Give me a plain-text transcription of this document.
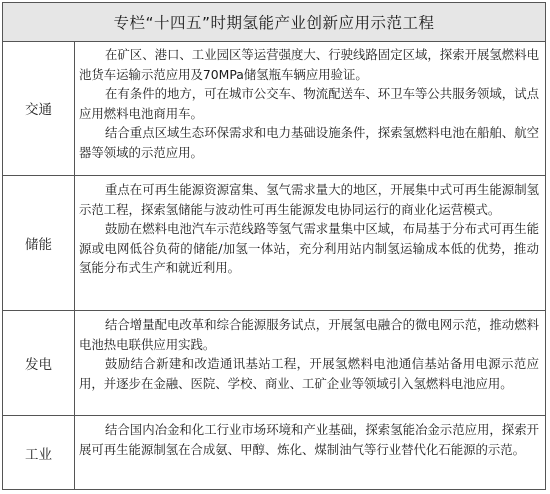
专栏“十四五”时期氢能产业创新应用示范工程
交通

在矿区、港口、工业园区等运营强度大、行驶线路固定区域，探索开展氢燃料电池货车运输示范应用及70MPa储氢瓶车辆应用验证。

在有条件的地方，可在城市公交车、物流配送车、环卫车等公共服务领域，试点应用燃料电池商用车。

结合重点区域生态环保需求和电力基础设施条件，探索氢燃料电池在船舶、航空器等领域的示范应用。

储能

重点在可再生能源资源富集、氢气需求量大的地区，开展集中式可再生能源制氢示范工程，探索氢储能与波动性可再生能源发电协同运行的商业化运营模式。

鼓励在燃料电池汽车示范线路等氢气需求量集中区域，布局基于分布式可再生能源或电网低谷负荷的储能/加氢一体站，充分利用站内制氢运输成本低的优势，推动氢能分布式生产和就近利用。

发电

结合增量配电改革和综合能源服务试点，开展氢电融合的微电网示范，推动燃料电池热电联供应用实践。

鼓励结合新建和改造通讯基站工程，开展氢燃料电池通信基站备用电源示范应用，并逐步在金融、医院、学校、商业、工矿企业等领域引入氢燃料电池应用。

工业

结合国内冶金和化工行业市场环境和产业基础，探索氢能冶金示范应用，探索开展可再生能源制氢在合成氨、甲醇、炼化、煤制油气等行业替代化石能源的示范。
